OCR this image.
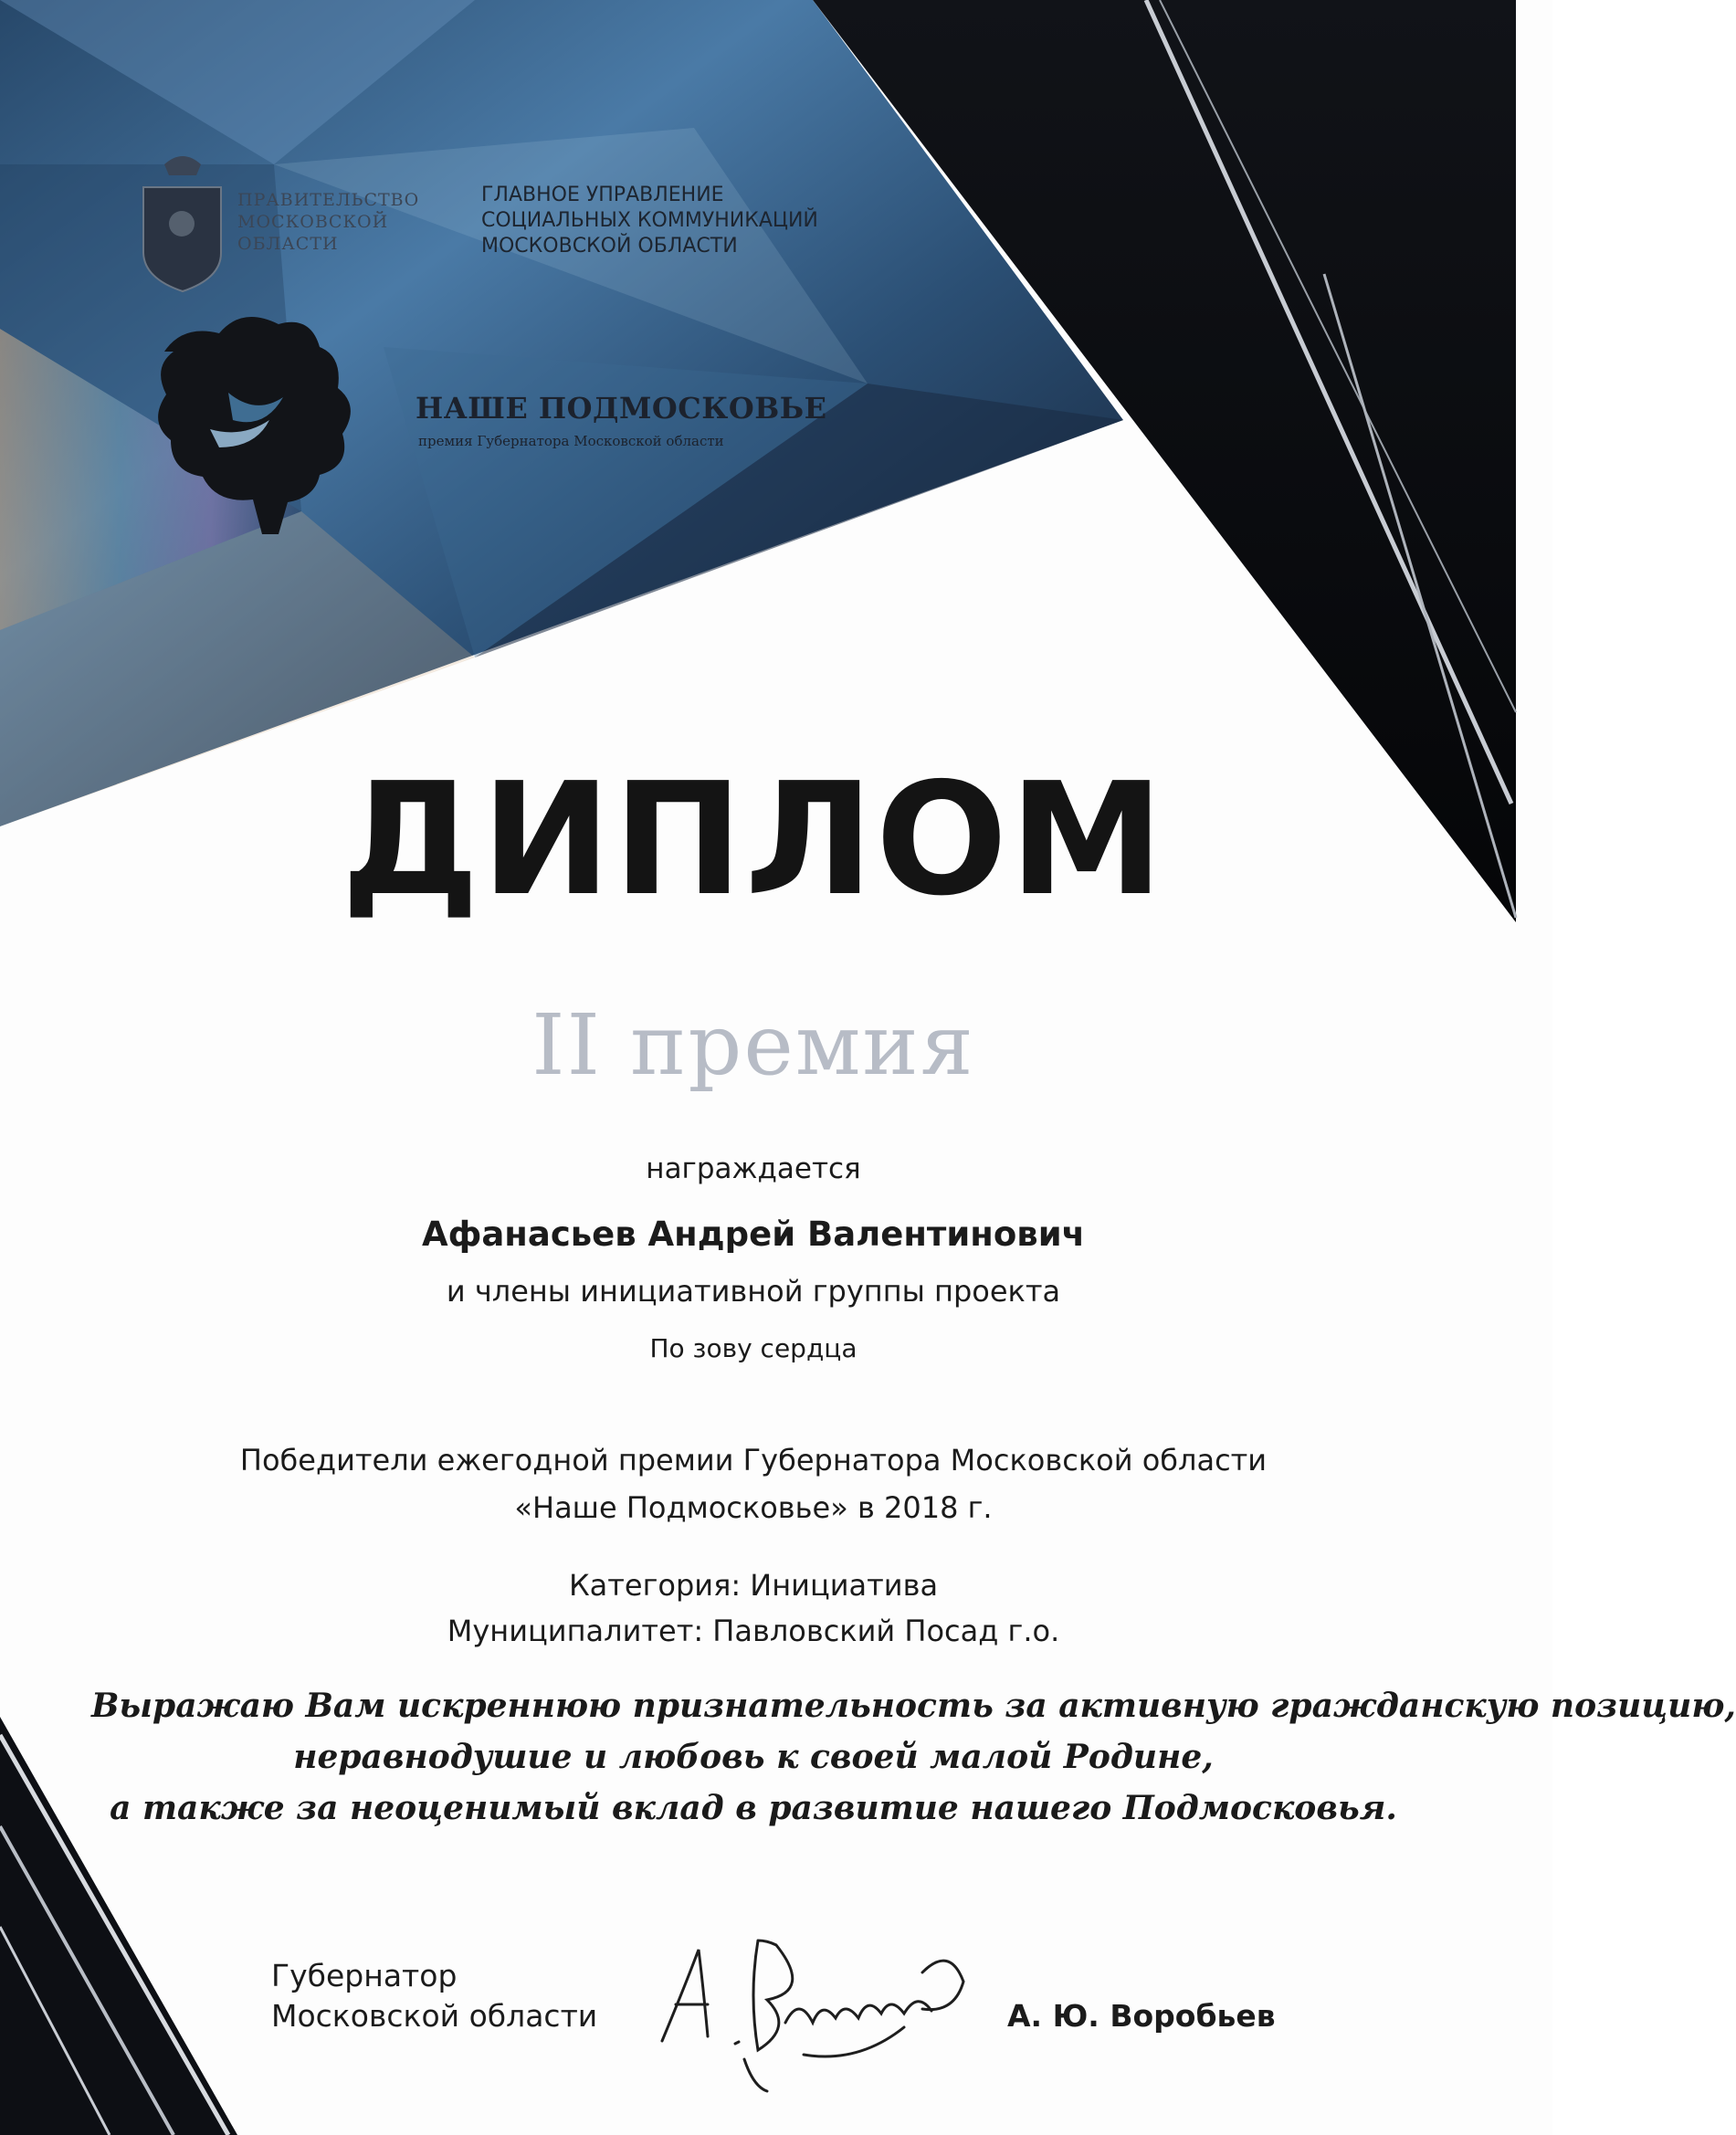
ПРАВИТЕЛЬСТВО
МОСКОВСКОЙ
ОБЛАСТИ
ГЛАВНОЕ УПРАВЛЕНИЕ
СОЦИАЛЬНЫХ КОММУНИКАЦИЙ
МОСКОВСКОЙ ОБЛАСТИ
НАШЕ ПОДМОСКОВЬЕ
премия Губернатора Московской области
ДИПЛОМ
II премия
награждается
Афанасьев Андрей Валентинович
и члены инициативной группы проекта
По зову сердца
Победители ежегодной премии Губернатора Московской области
«Наше Подмосковье» в 2018 г.
Категория: Инициатива
Муниципалитет: Павловский Посад г.о.
Выражаю Вам искреннюю признательность за активную гражданскую позицию,
неравнодушие и любовь к своей малой Родине,
а также за неоценимый вклад в развитие нашего Подмосковья.
Губернатор
Московской области	А. Ю. Воробьев
